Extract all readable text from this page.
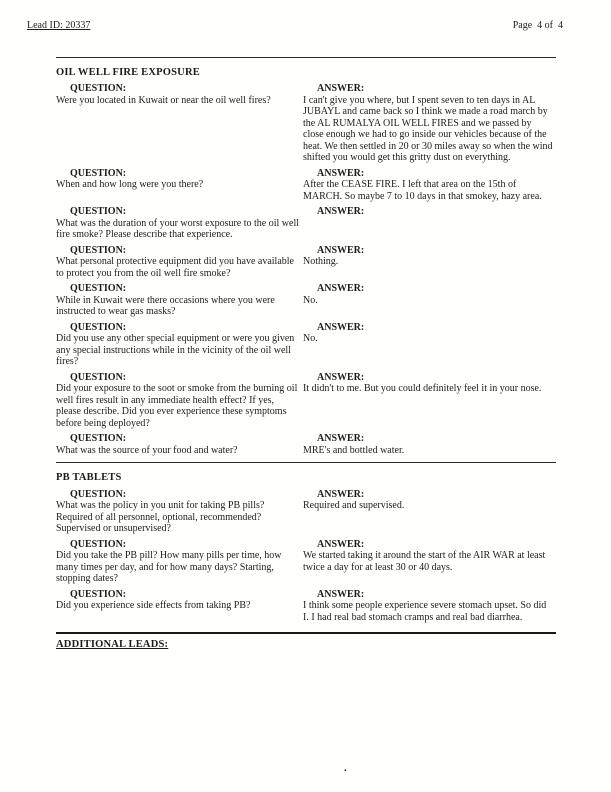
Lead ID: 20337	Page  4 of  4
OIL WELL FIRE EXPOSURE
QUESTION:
Were you located in Kuwait or near the oil well fires?
ANSWER:
I can't give you where, but I spent seven to ten days in AL JUBAYL and came back so I think we made a road march by the AL RUMALYA OIL WELL FIRES and we passed by close enough we had to go inside our vehicles because of the heat. We then settled in 20 or 30 miles away so when the wind shifted you would get this gritty dust on everything.
QUESTION:
When and how long were you there?
ANSWER:
After the CEASE FIRE. I left that area on the 15th of MARCH. So maybe 7 to 10 days in that smokey, hazy area.
QUESTION:
What was the duration of your worst exposure to the oil well fire smoke? Please describe that experience.
ANSWER:
QUESTION:
What personal protective equipment did you have available to protect you from the oil well fire smoke?
ANSWER:
Nothing.
QUESTION:
While in Kuwait were there occasions where you were instructed to wear gas masks?
ANSWER:
No.
QUESTION:
Did you use any other special equipment or were you given any special instructions while in the vicinity of the oil well fires?
ANSWER:
No.
QUESTION:
Did your exposure to the soot or smoke from the burning oil well fires result in any immediate health effect? If yes, please describe. Did you ever experience these symptoms before being deployed?
ANSWER:
It didn't to me. But you could definitely feel it in your nose.
QUESTION:
What was the source of your food and water?
ANSWER:
MRE's and bottled water.
PB TABLETS
QUESTION:
What was the policy in you unit for taking PB pills? Required of all personnel, optional, recommended? Supervised or unsupervised?
ANSWER:
Required and supervised.
QUESTION:
Did you take the PB pill? How many pills per time, how many times per day, and for how many days? Starting, stopping dates?
ANSWER:
We started taking it around the start of the AIR WAR at least twice a day for at least 30 or 40 days.
QUESTION:
Did you experience side effects from taking PB?
ANSWER:
I think some people experience severe stomach upset. So did I. I had real bad stomach cramps and real bad diarrhea.
ADDITIONAL LEADS:
.
